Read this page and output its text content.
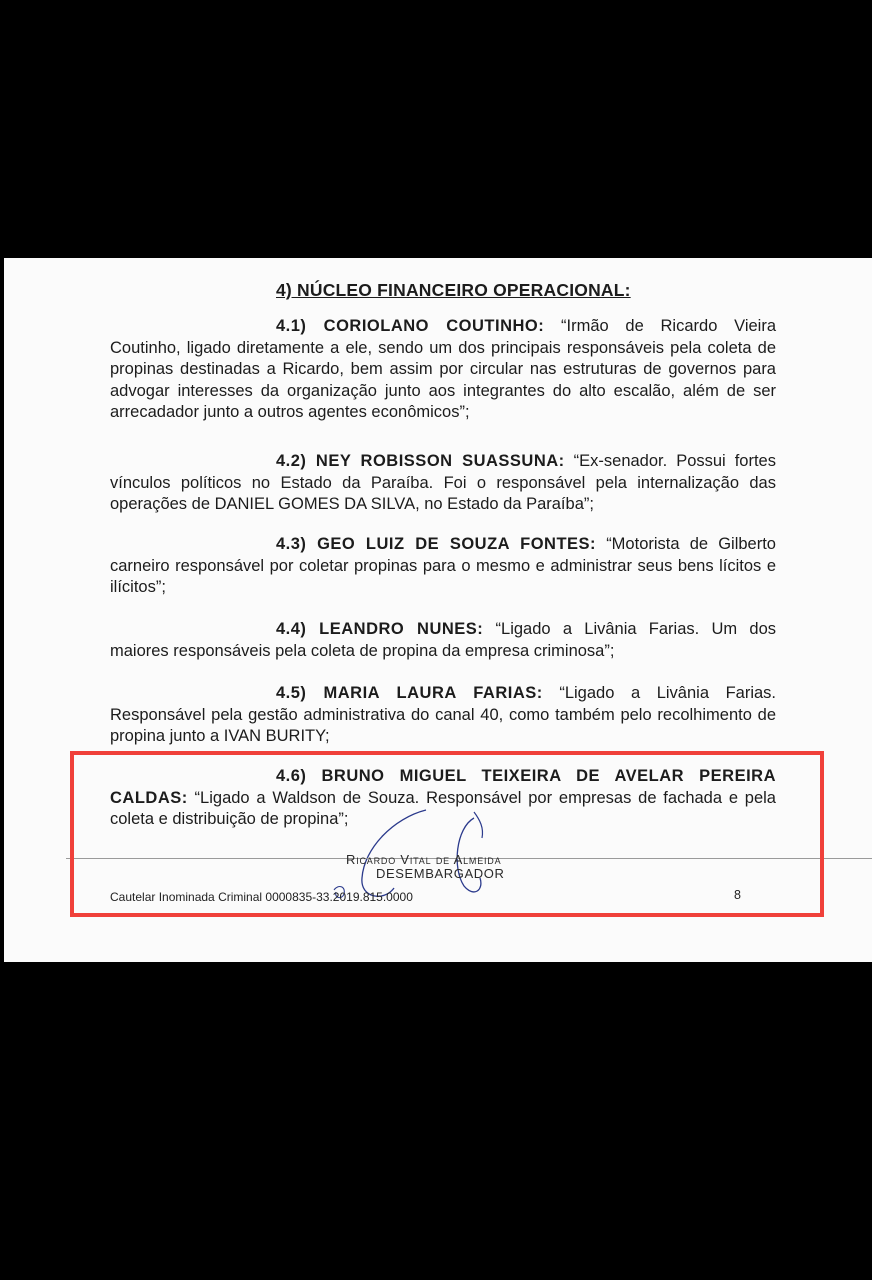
4) NÚCLEO FINANCEIRO OPERACIONAL:

4.1) CORIOLANO COUTINHO: “Irmão de Ricardo Vieira Coutinho, ligado diretamente a ele, sendo um dos principais responsáveis pela coleta de propinas destinadas a Ricardo, bem assim por circular nas estruturas de governos para advogar interesses da organização junto aos integrantes do alto escalão, além de ser arrecadador junto a outros agentes econômicos”;

4.2) NEY ROBISSON SUASSUNA: “Ex-senador. Possui fortes vínculos políticos no Estado da Paraíba. Foi o responsável pela internalização das operações de DANIEL GOMES DA SILVA, no Estado da Paraíba”;

4.3) GEO LUIZ DE SOUZA FONTES: “Motorista de Gilberto carneiro responsável por coletar propinas para o mesmo e administrar seus bens lícitos e ilícitos”;

4.4) LEANDRO NUNES: “Ligado a Livânia Farias. Um dos maiores responsáveis pela coleta de propina da empresa criminosa”;

4.5) MARIA LAURA FARIAS: “Ligado a Livânia Farias. Responsável pela gestão administrativa do canal 40, como também pelo recolhimento de propina junto a IVAN BURITY;

4.6) BRUNO MIGUEL TEIXEIRA DE AVELAR PEREIRA CALDAS: “Ligado a Waldson de Souza. Responsável por empresas de fachada e pela coleta e distribuição de propina”;

Ricardo Vital de Almeida
DESEMBARGADOR
Cautelar Inominada Criminal 0000835-33.2019.815.0000	8
